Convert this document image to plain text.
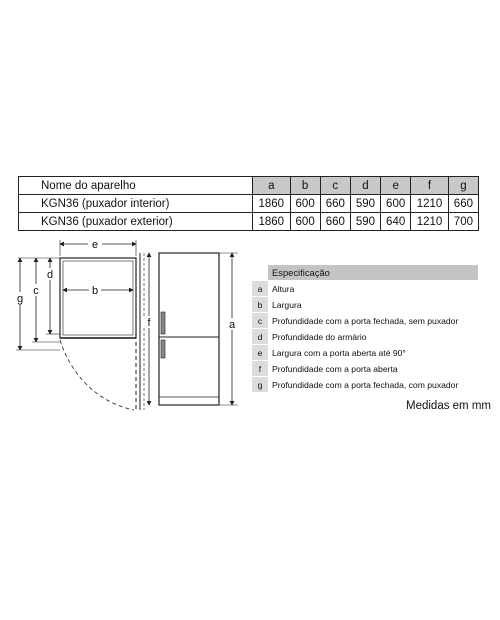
Nome do aparelho	a	b	c	d	e	f	g
KGN36 (puxador interior)	1860	600	660	590	600	1210	660
KGN36 (puxador exterior)	1860	600	660	590	640	1210	700
e
b
g
c
d
f	a
	Especificação
a	Altura
b	Largura
c	Profundidade com a porta fechada, sem puxador
d	Profundidade do armário
e	Largura com a porta aberta até 90°
f	Profundidade com a porta aberta
g	Profundidade com a porta fechada, com puxador
Medidas em mm
